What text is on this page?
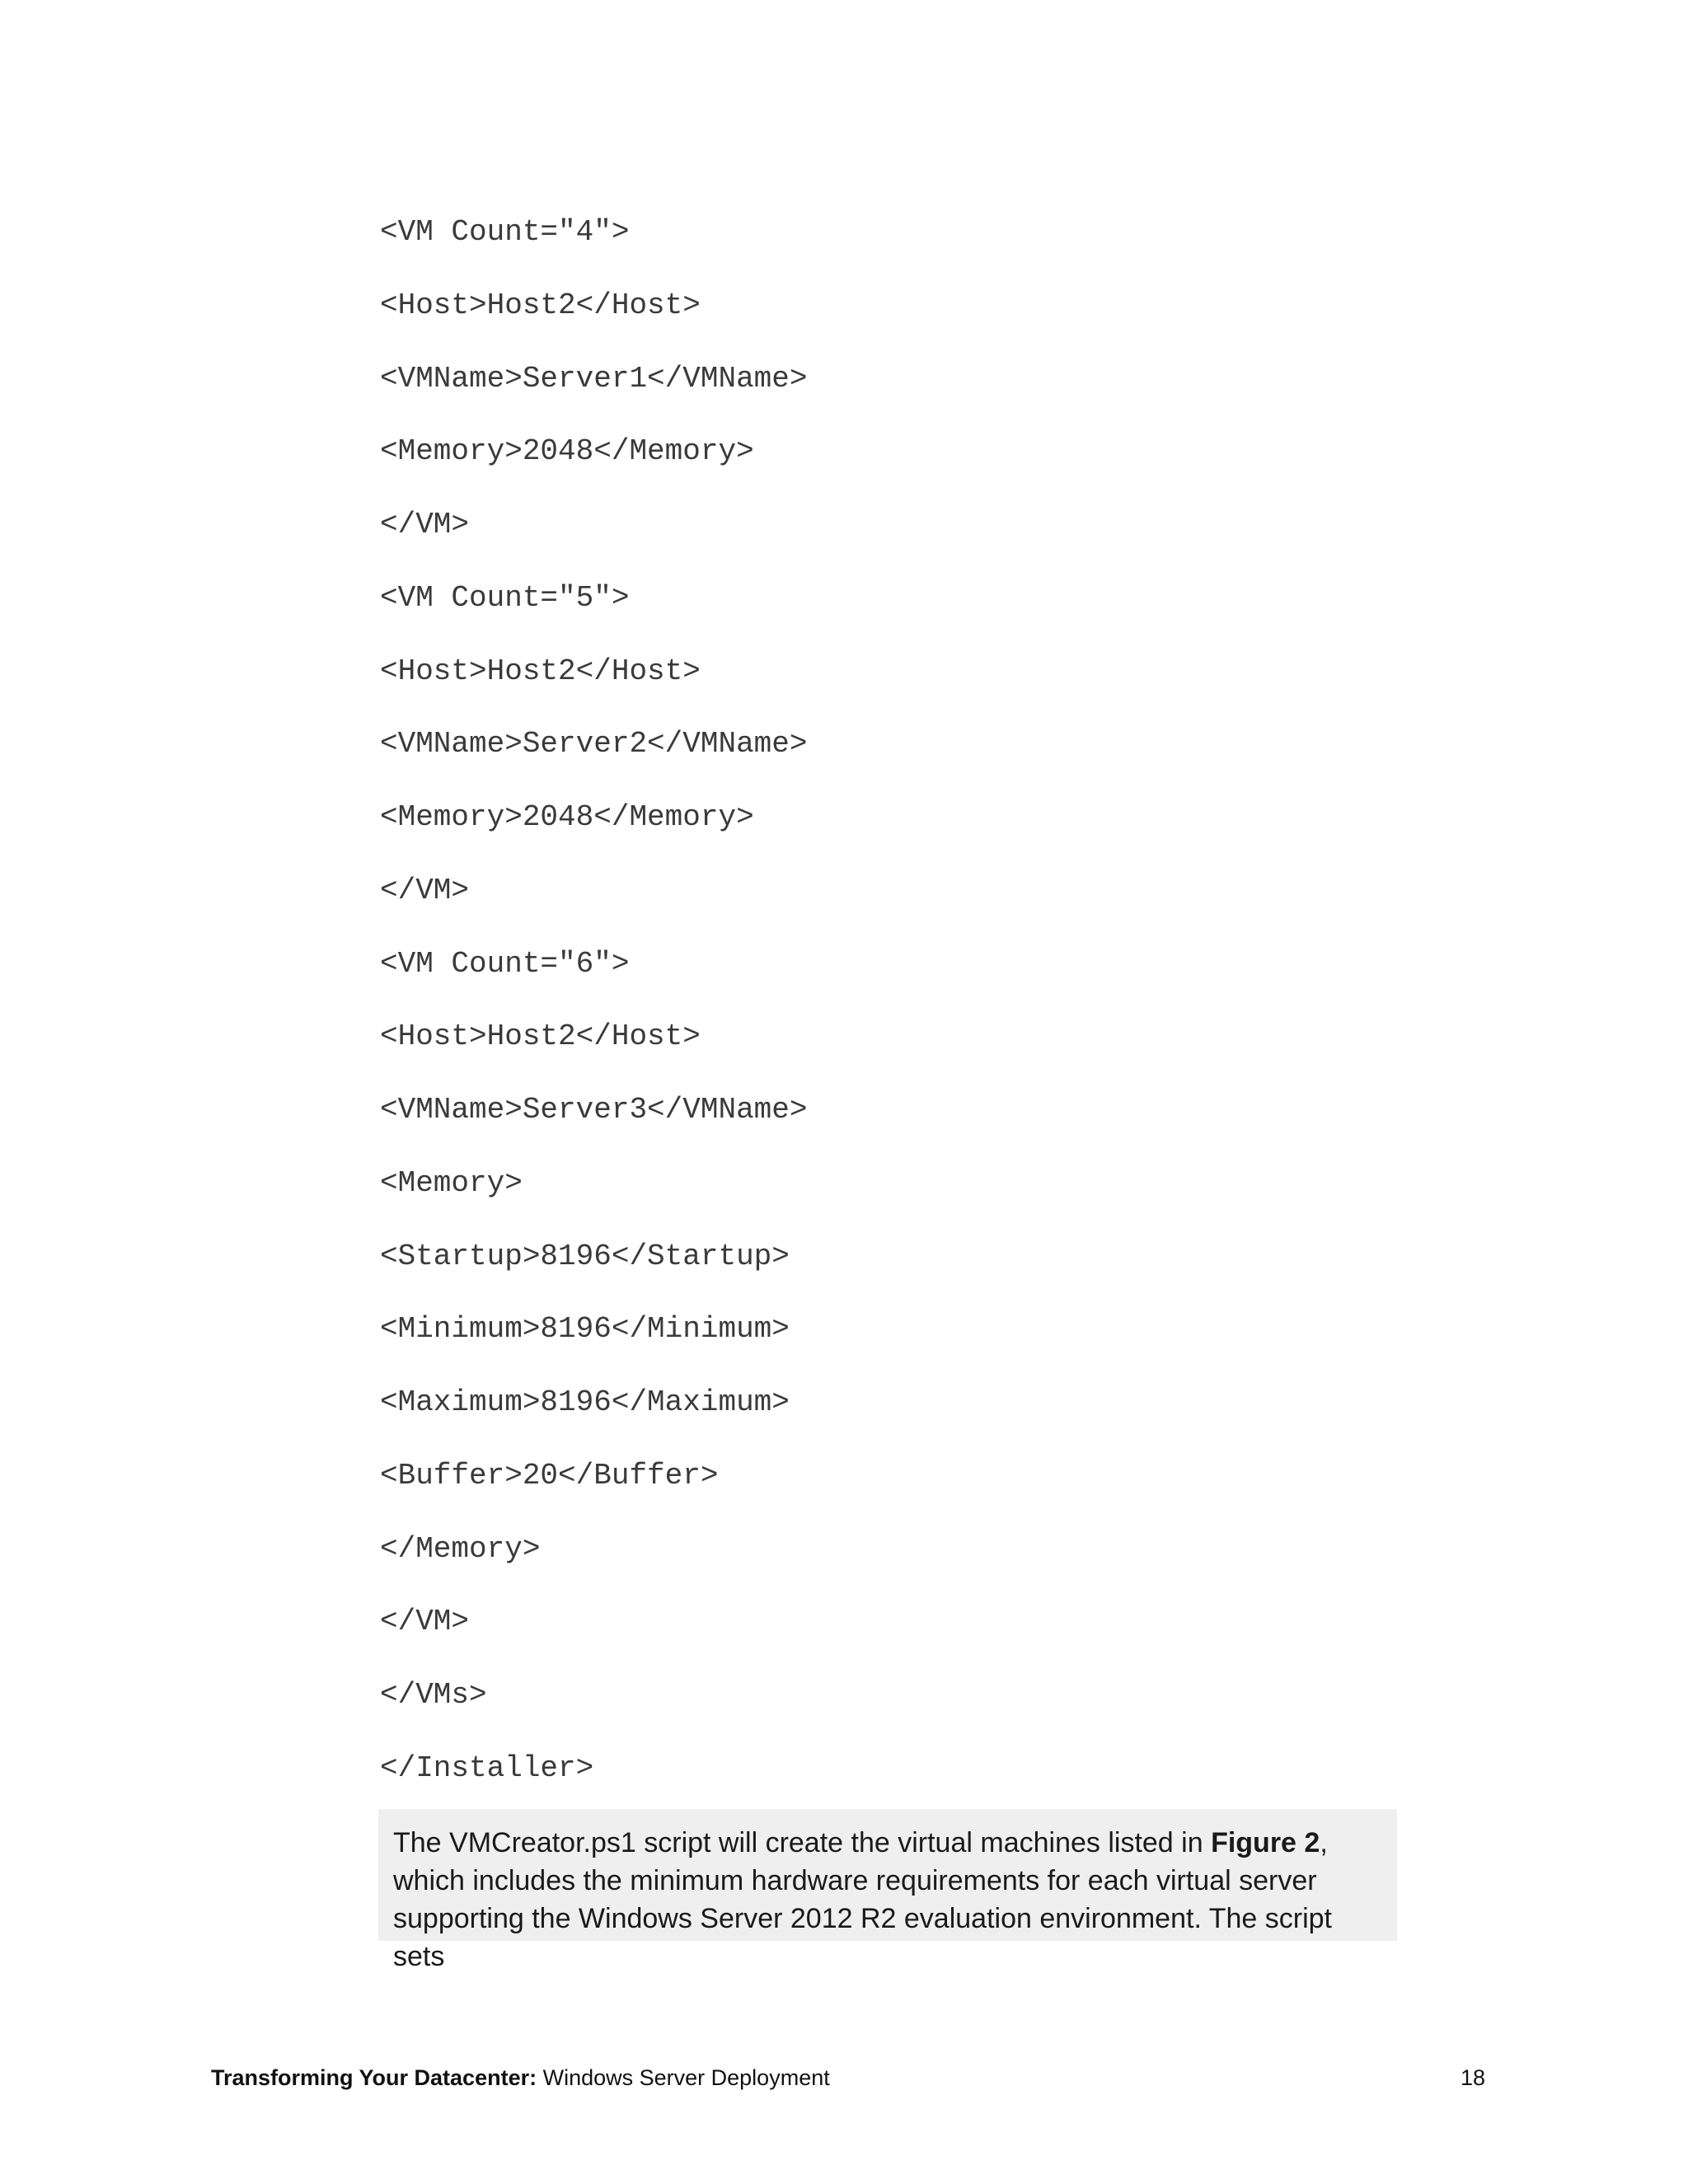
<VM Count="4">
<Host>Host2</Host>
<VMName>Server1</VMName>
<Memory>2048</Memory>
</VM>
<VM Count="5">
<Host>Host2</Host>
<VMName>Server2</VMName>
<Memory>2048</Memory>
</VM>
<VM Count="6">
<Host>Host2</Host>
<VMName>Server3</VMName>
<Memory>
<Startup>8196</Startup>
<Minimum>8196</Minimum>
<Maximum>8196</Maximum>
<Buffer>20</Buffer>
</Memory>
</VM>
</VMs>
</Installer>

The VMCreator.ps1 script will create the virtual machines listed in Figure 2, which includes the minimum hardware requirements for each virtual server supporting the Windows Server 2012 R2 evaluation environment. The script sets

Transforming Your Datacenter: Windows Server Deployment	18
